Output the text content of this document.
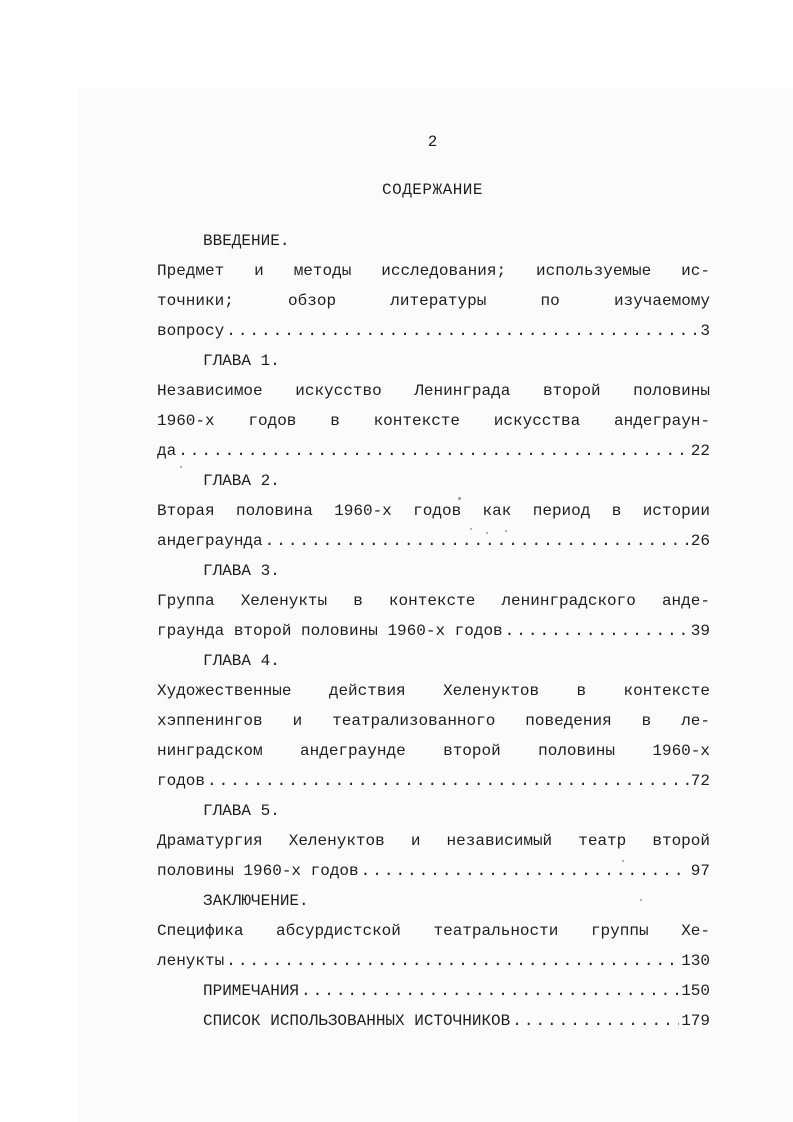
2
СОДЕРЖАНИЕ
ВВЕДЕНИЕ.
Предмет и методы исследования; используемые ис-
точники;	обзор	литературы	по	изучаемому
вопросу .....	3
ГЛАВА 1.
Независимое искусство Ленинграда второй половины
1960-х годов в контексте искусства андеграун-
да .....	22
ГЛАВА 2.
Вторая половина 1960-х годов как период в истории
андеграунда .....	26
ГЛАВА 3.
Группа Хеленукты в контексте ленинградского анде-
граунда второй половины 1960-х годов .....	39
ГЛАВА 4.
Художественные действия Хеленуктов в контексте
хэппенингов и театрализованного поведения в ле-
нинградском андеграунде второй половины 1960-х
годов .....	72
ГЛАВА 5.
Драматургия Хеленуктов и независимый театр второй
половины 1960-х годов .....	97
ЗАКЛЮЧЕНИЕ.
Специфика абсурдистской театральности группы Хе-
ленукты .....	130
ПРИМЕЧАНИЯ .....	150
СПИСОК ИСПОЛЬЗОВАННЫХ ИСТОЧНИКОВ .....	179
